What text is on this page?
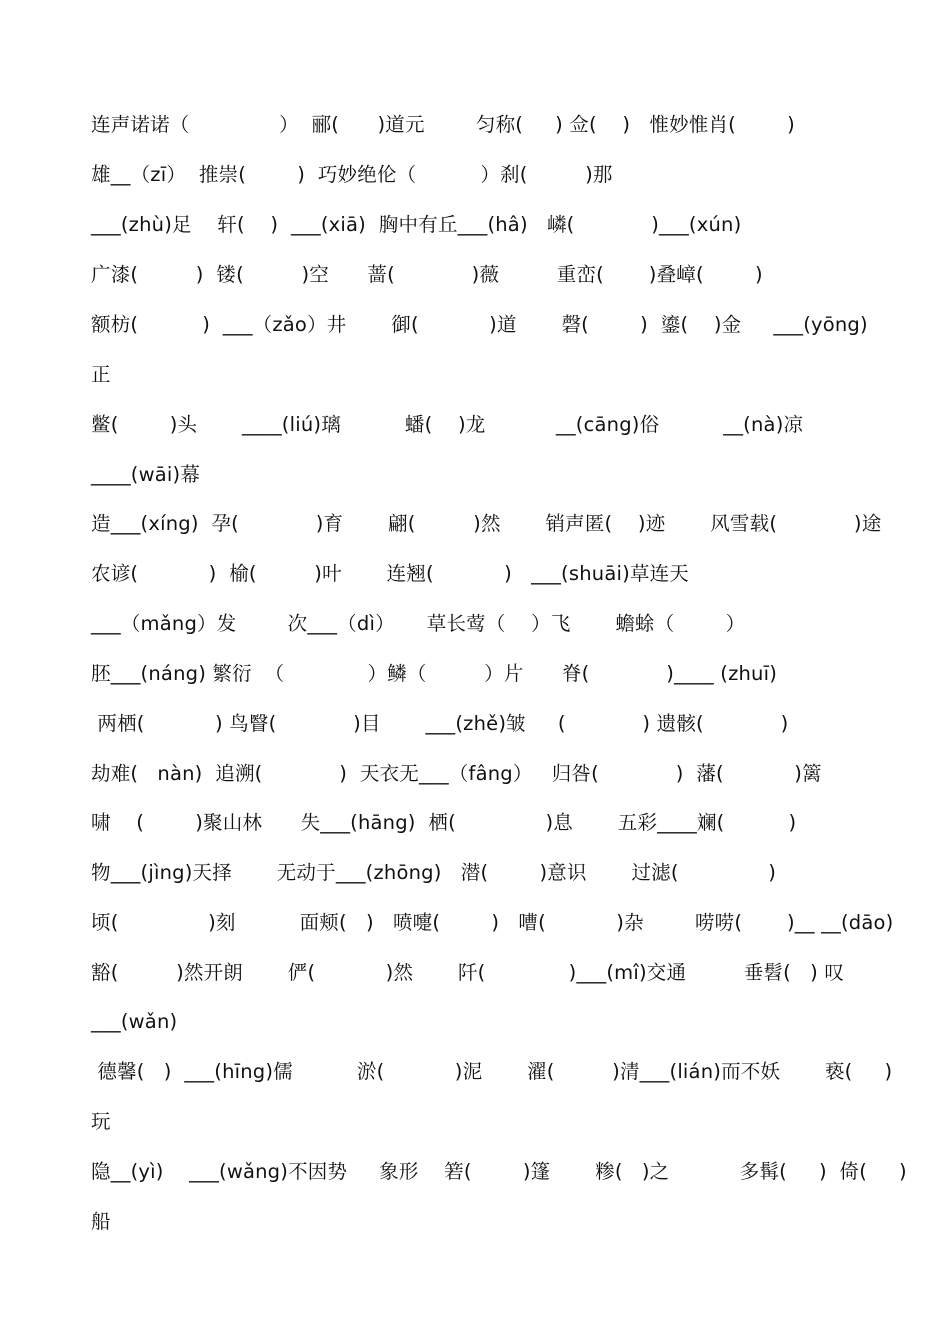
连声诺诺（              ）  郦(      )道元        匀称(     ) 佥(    )   惟妙惟肖(        )
雄__（zī）  推崇(        )  巧妙绝伦（          ）刹(         )那
___(zhù)足    轩(    )  ___(xiā)  胸中有丘___(hâ)   嶙(            )___(xún)
广漆(         )  镂(         )空      蔷(            )薇         重峦(       )叠嶂(        )
额枋(          )  ___（zǎo）井       御(           )道       磬(        )  鎏(    )金     ___(yōng)
正
鳖(        )头       ____(liú)璃          蟠(    )龙           __(cāng)俗          __(nà)凉
____(wāi)幕
造___(xíng)  孕(            )育       翩(         )然       销声匿(    )迹       风雪载(            )途
农谚(           )  榆(         )叶       连翘(           )   ___(shuāi)草连天
___（mǎng）发        次___（dì）     草长莺（    ）飞       蟾蜍（        ）
胚___(náng) 繁衍  （             ）鳞（         ）片      脊(            )____ (zhuī)
两栖(           ) 鸟瞖(            )目       ___(zhě)皱     (            ) 遗骸(            )
劫难(   nàn)  追溯(            )  天衣无___（fâng）   归咎(            )  藩(           )篱
啸    (        )聚山林      失___(hāng)  栖(              )息       五彩____斓(          )
物___(jìng)天择       无动于___(zhōng)   潜(        )意识       过滤(              )
顷(              )刻          面颊(   )   喷嚏(        )   嘈(           )杂        唠唠(       )__ __(dāo)
豁(         )然开朗       俨(           )然       阡(             )___(mî)交通         垂髫(   ) 叹
___(wǎn)
德馨(   )  ___(hīng)儒          淤(           )泥       濯(         )清___(lián)而不妖       亵(     )
玩
隐__(yì)    ___(wǎng)不因势     象形    箬(        )篷       糁(   )之           多髯(     )  倚(     )
船
